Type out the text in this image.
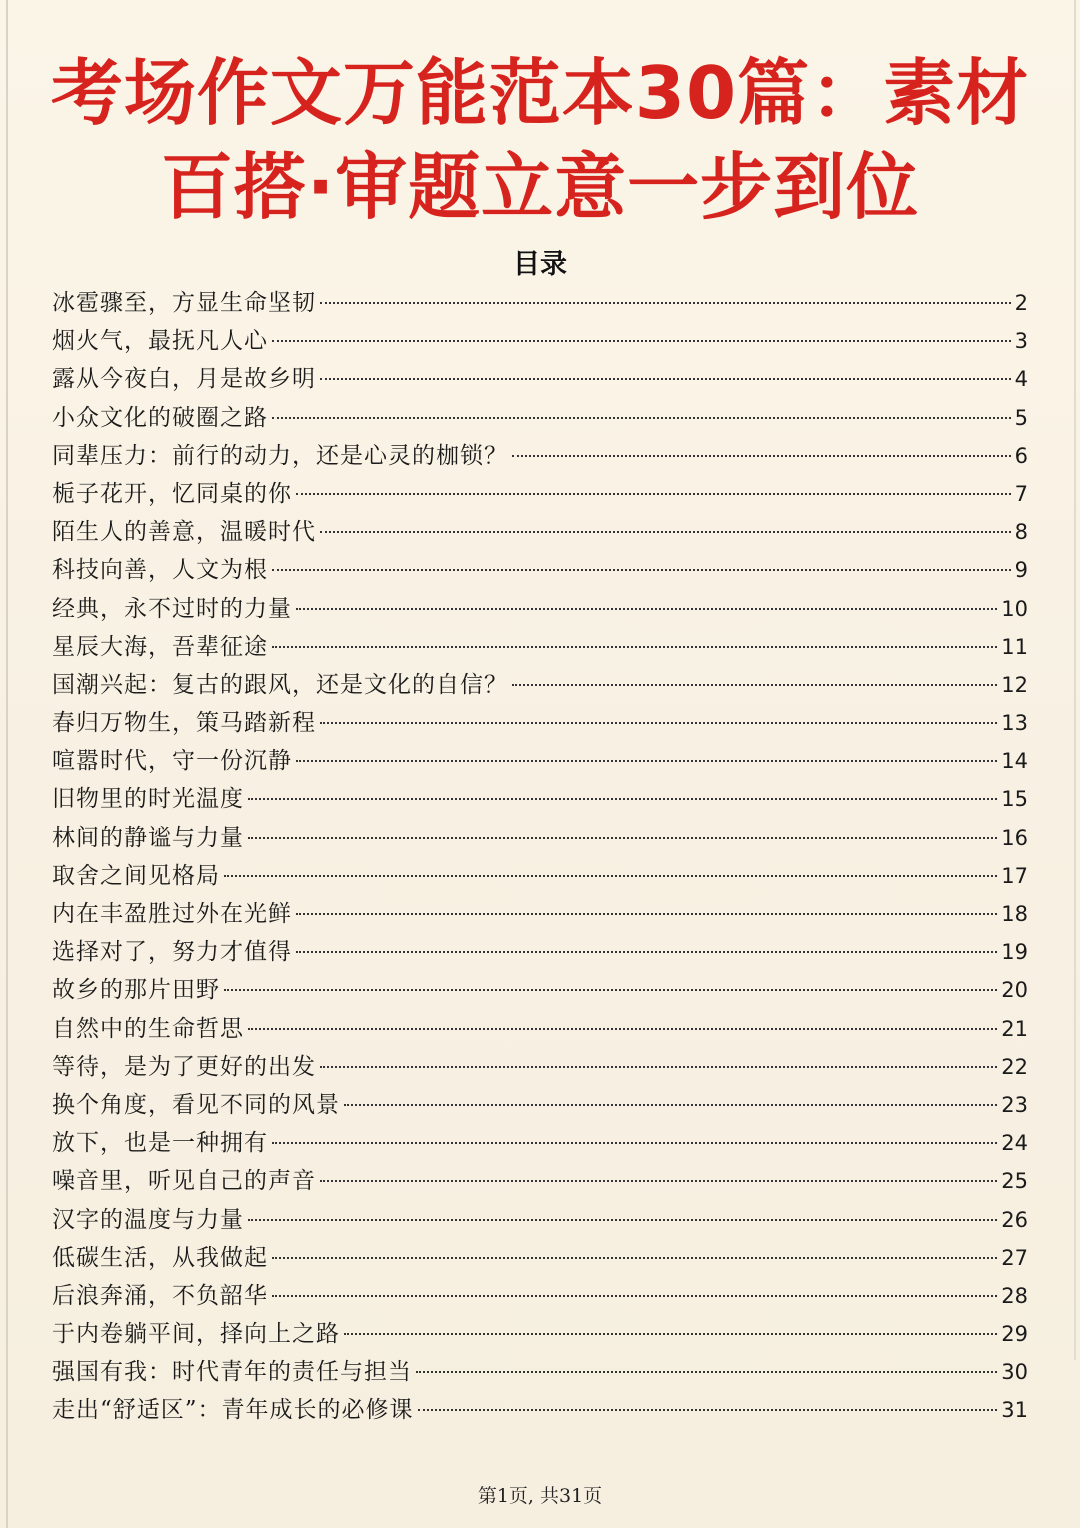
考场作文万能范本30篇：素材百搭·审题立意一步到位
目录
冰雹骤至，方显生命坚韧	2
烟火气，最抚凡人心	3
露从今夜白，月是故乡明	4
小众文化的破圈之路	5
同辈压力：前行的动力，还是心灵的枷锁？	6
栀子花开，忆同桌的你	7
陌生人的善意，温暖时代	8
科技向善，人文为根	9
经典，永不过时的力量	10
星辰大海，吾辈征途	11
国潮兴起：复古的跟风，还是文化的自信？	12
春归万物生，策马踏新程	13
喧嚣时代，守一份沉静	14
旧物里的时光温度	15
林间的静谧与力量	16
取舍之间见格局	17
内在丰盈胜过外在光鲜	18
选择对了，努力才值得	19
故乡的那片田野	20
自然中的生命哲思	21
等待，是为了更好的出发	22
换个角度，看见不同的风景	23
放下，也是一种拥有	24
噪音里，听见自己的声音	25
汉字的温度与力量	26
低碳生活，从我做起	27
后浪奔涌，不负韶华	28
于内卷躺平间，择向上之路	29
强国有我：时代青年的责任与担当	30
走出“舒适区”：青年成长的必修课	31

第1页, 共31页
